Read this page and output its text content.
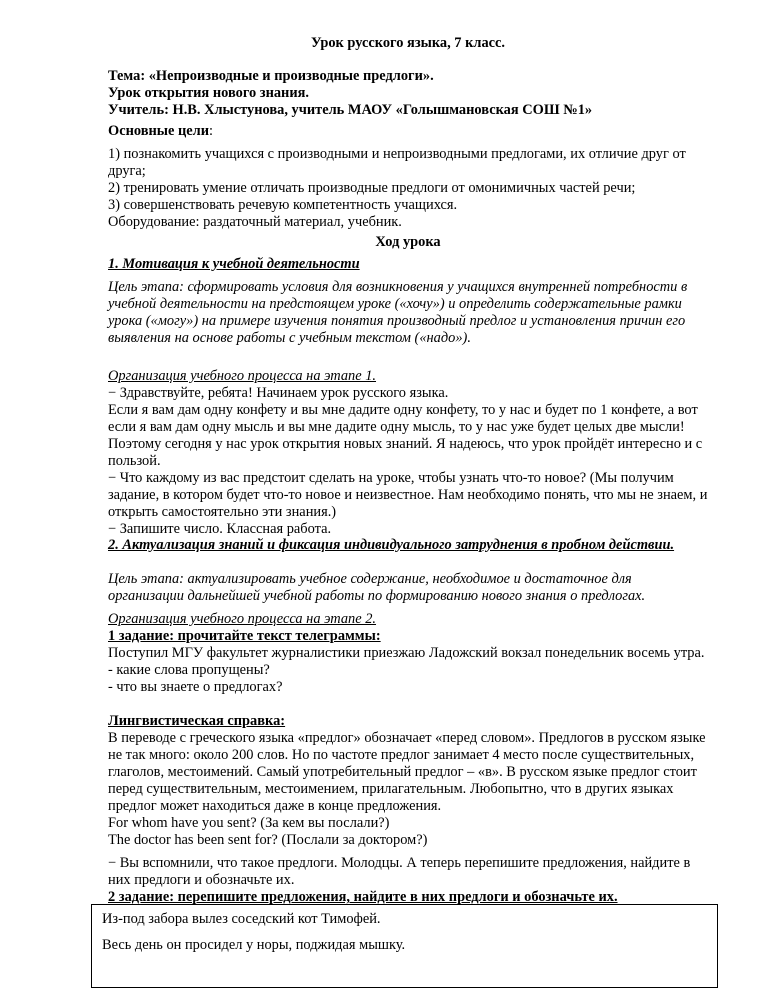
Урок русского языка, 7 класс.

Тема: «Непроизводные и производные предлоги».

Урок открытия нового знания.

Учитель: Н.В. Хлыстунова, учитель МАОУ «Голышмановская СОШ №1»

Основные цели:

1) познакомить учащихся с производными и непроизводными предлогами, их отличие друг от друга;

2) тренировать умение отличать производные предлоги от омонимичных частей речи;

3) совершенствовать речевую компетентность учащихся.

Оборудование: раздаточный материал, учебник.

Ход урока

1. Мотивация к учебной деятельности

Цель этапа: сформировать условия для возникновения у учащихся внутренней потребности в учебной деятельности на предстоящем уроке («хочу») и определить содержательные рамки урока («могу») на примере изучения понятия производный предлог и установления причин его выявления на основе работы с учебным текстом («надо»).

Организация учебного процесса на этапе 1.

− Здравствуйте, ребята! Начинаем урок русского языка.

Если я вам дам одну конфету и вы мне дадите одну конфету, то у нас и будет по 1 конфете, а вот если я вам дам одну мысль и вы мне дадите одну мысль, то у нас уже будет целых две мысли! Поэтому сегодня у нас урок открытия новых знаний. Я надеюсь, что урок пройдёт интересно и с пользой.

− Что каждому из вас предстоит сделать на уроке, чтобы узнать что-то новое? (Мы получим задание, в котором будет что-то новое и неизвестное. Нам необходимо понять, что мы не знаем, и открыть самостоятельно эти знания.)

− Запишите число. Классная работа.

2. Актуализация знаний и фиксация индивидуального затруднения в пробном действии.

Цель этапа: актуализировать учебное содержание, необходимое и достаточное для организации дальнейшей учебной работы по формированию нового знания о предлогах.

Организация учебного процесса на этапе 2.

1 задание: прочитайте текст телеграммы:

Поступил МГУ факультет журналистики приезжаю Ладожский вокзал понедельник восемь утра.

- какие слова пропущены?

- что вы знаете о предлогах?

Лингвистическая справка:

В переводе с греческого языка «предлог» обозначает «перед словом». Предлогов в русском языке не так много: около 200 слов. Но по частоте предлог занимает 4 место после существительных, глаголов, местоимений. Самый употребительный предлог – «в». В русском языке предлог стоит перед существительным, местоимением, прилагательным. Любопытно, что в других языках предлог может находиться даже в конце предложения.

For whom have you sent? (За кем вы послали?)

The doctor has been sent for? (Послали за доктором?)

− Вы вспомнили, что такое предлоги. Молодцы. А теперь перепишите предложения, найдите в них предлоги и обозначьте их.

2 задание: перепишите предложения, найдите в них предлоги и обозначьте их.

Из-под забора вылез соседский кот Тимофей.

Весь день он просидел у норы, поджидая мышку.
